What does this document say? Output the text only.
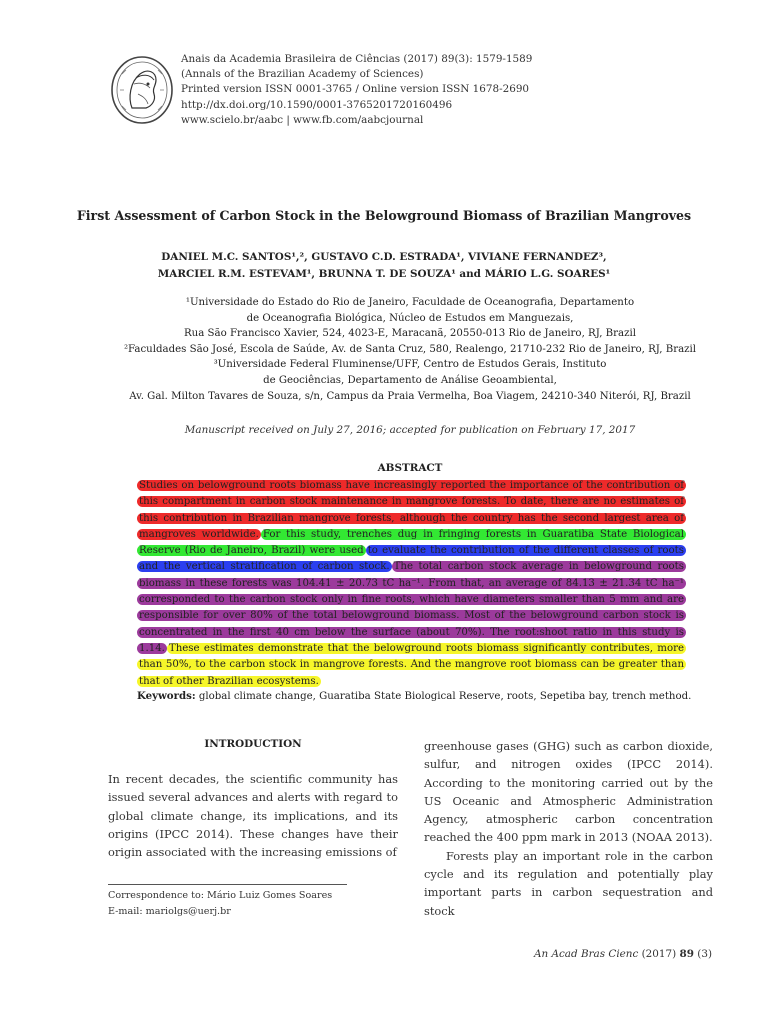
Anais da Academia Brasileira de Ciências (2017) 89(3): 1579-1589
(Annals of the Brazilian Academy of Sciences)
Printed version ISSN 0001-3765 / Online version ISSN 1678-2690
http://dx.doi.org/10.1590/0001-3765201720160496
www.scielo.br/aabc | www.fb.com/aabcjournal
First Assessment of Carbon Stock in the Belowground Biomass of Brazilian Mangroves
DANIEL M.C. SANTOS¹,², GUSTAVO C.D. ESTRADA¹, VIVIANE FERNANDEZ³,
MARCIEL R.M. ESTEVAM¹, BRUNNA T. DE SOUZA¹ and MÁRIO L.G. SOARES¹
¹Universidade do Estado do Rio de Janeiro, Faculdade de Oceanografia, Departamento
de Oceanografia Biológica, Núcleo de Estudos em Manguezais,
Rua São Francisco Xavier, 524, 4023-E, Maracanã, 20550-013 Rio de Janeiro, RJ, Brazil
²Faculdades São José, Escola de Saúde, Av. de Santa Cruz, 580, Realengo, 21710-232 Rio de Janeiro, RJ, Brazil
³Universidade Federal Fluminense/UFF, Centro de Estudos Gerais, Instituto
de Geociências, Departamento de Análise Geoambiental,
Av. Gal. Milton Tavares de Souza, s/n, Campus da Praia Vermelha, Boa Viagem, 24210-340 Niterói, RJ, Brazil
Manuscript received on July 27, 2016; accepted for publication on February 17, 2017
ABSTRACT
Studies on belowground roots biomass have increasingly reported the importance of the contribution of this compartment in carbon stock maintenance in mangrove forests. To date, there are no estimates of this contribution in Brazilian mangrove forests, although the country has the second largest area of mangroves worldwide. For this study, trenches dug in fringing forests in Guaratiba State Biological Reserve (Rio de Janeiro, Brazil) were used to evaluate the contribution of the different classes of roots and the vertical stratification of carbon stock. The total carbon stock average in belowground roots biomass in these forests was 104.41 ± 20.73 tC ha⁻¹. From that, an average of 84.13 ± 21.34 tC ha⁻¹ corresponded to the carbon stock only in fine roots, which have diameters smaller than 5 mm and are responsible for over 80% of the total belowground biomass. Most of the belowground carbon stock is concentrated in the first 40 cm below the surface (about 70%). The root:shoot ratio in this study is 1.14. These estimates demonstrate that the belowground roots biomass significantly contributes, more than 50%, to the carbon stock in mangrove forests. And the mangrove root biomass can be greater than that of other Brazilian ecosystems.
Keywords: global climate change, Guaratiba State Biological Reserve, roots, Sepetiba bay, trench method.
INTRODUCTION

In recent decades, the scientific community has issued several advances and alerts with regard to global climate change, its implications, and its origins (IPCC 2014). These changes have their origin associated with the increasing emissions of

greenhouse gases (GHG) such as carbon dioxide, sulfur, and nitrogen oxides (IPCC 2014). According to the monitoring carried out by the US Oceanic and Atmospheric Administration Agency, atmospheric carbon concentration reached the 400 ppm mark in 2013 (NOAA 2013).

Forests play an important role in the carbon cycle and its regulation and potentially play important parts in carbon sequestration and stock

Correspondence to: Mário Luiz Gomes Soares
E-mail: mariolgs@uerj.br
An Acad Bras Cienc (2017) 89 (3)
